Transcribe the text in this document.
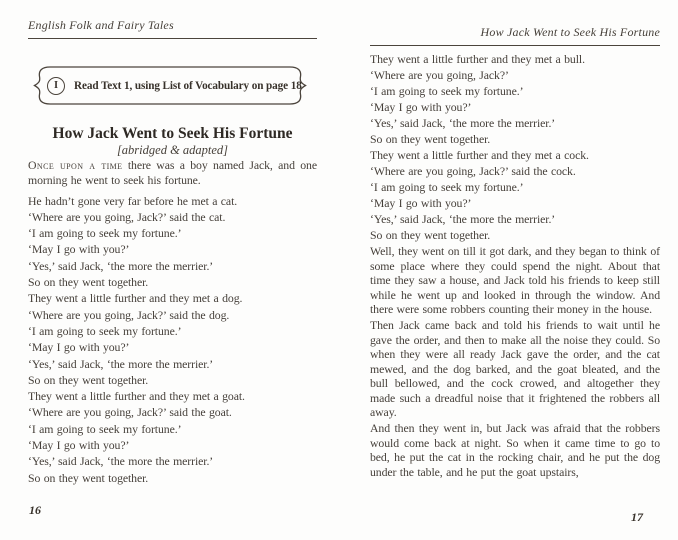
English Folk and Fairy Tales
I	Read Text 1, using List of Vocabulary on page 18
How Jack Went to Seek His Fortune
[abridged & adapted]

Once upon a time there was a boy named Jack, and one morning he went to seek his fortune.

He hadn’t gone very far before he met a cat.

‘Where are you going, Jack?’ said the cat.

‘I am going to seek my fortune.’

‘May I go with you?’

‘Yes,’ said Jack, ‘the more the merrier.’

So on they went together.

They went a little further and they met a dog.

‘Where are you going, Jack?’ said the dog.

‘I am going to seek my fortune.’

‘May I go with you?’

‘Yes,’ said Jack, ‘the more the merrier.’

So on they went together.

They went a little further and they met a goat.

‘Where are you going, Jack?’ said the goat.

‘I am going to seek my fortune.’

‘May I go with you?’

‘Yes,’ said Jack, ‘the more the merrier.’

So on they went together.

How Jack Went to Seek His Fortune

They went a little further and they met a bull.

‘Where are you going, Jack?’

‘I am going to seek my fortune.’

‘May I go with you?’

‘Yes,’ said Jack, ‘the more the merrier.’

So on they went together.

They went a little further and they met a cock.

‘Where are you going, Jack?’ said the cock.

‘I am going to seek my fortune.’

‘May I go with you?’

‘Yes,’ said Jack, ‘the more the merrier.’

So on they went together.

Well, they went on till it got dark, and they began to think of some place where they could spend the night. About that time they saw a house, and Jack told his friends to keep still while he went up and looked in through the window. And there were some robbers counting their money in the house.

Then Jack came back and told his friends to wait until he gave the order, and then to make all the noise they could. So when they were all ready Jack gave the order, and the cat mewed, and the dog barked, and the goat bleated, and the bull bellowed, and the cock crowed, and altogether they made such a dreadful noise that it frightened the robbers all away.

And then they went in, but Jack was afraid that the robbers would come back at night. So when it came time to go to bed, he put the cat in the rocking chair, and he put the dog under the table, and he put the goat upstairs,

16	17
